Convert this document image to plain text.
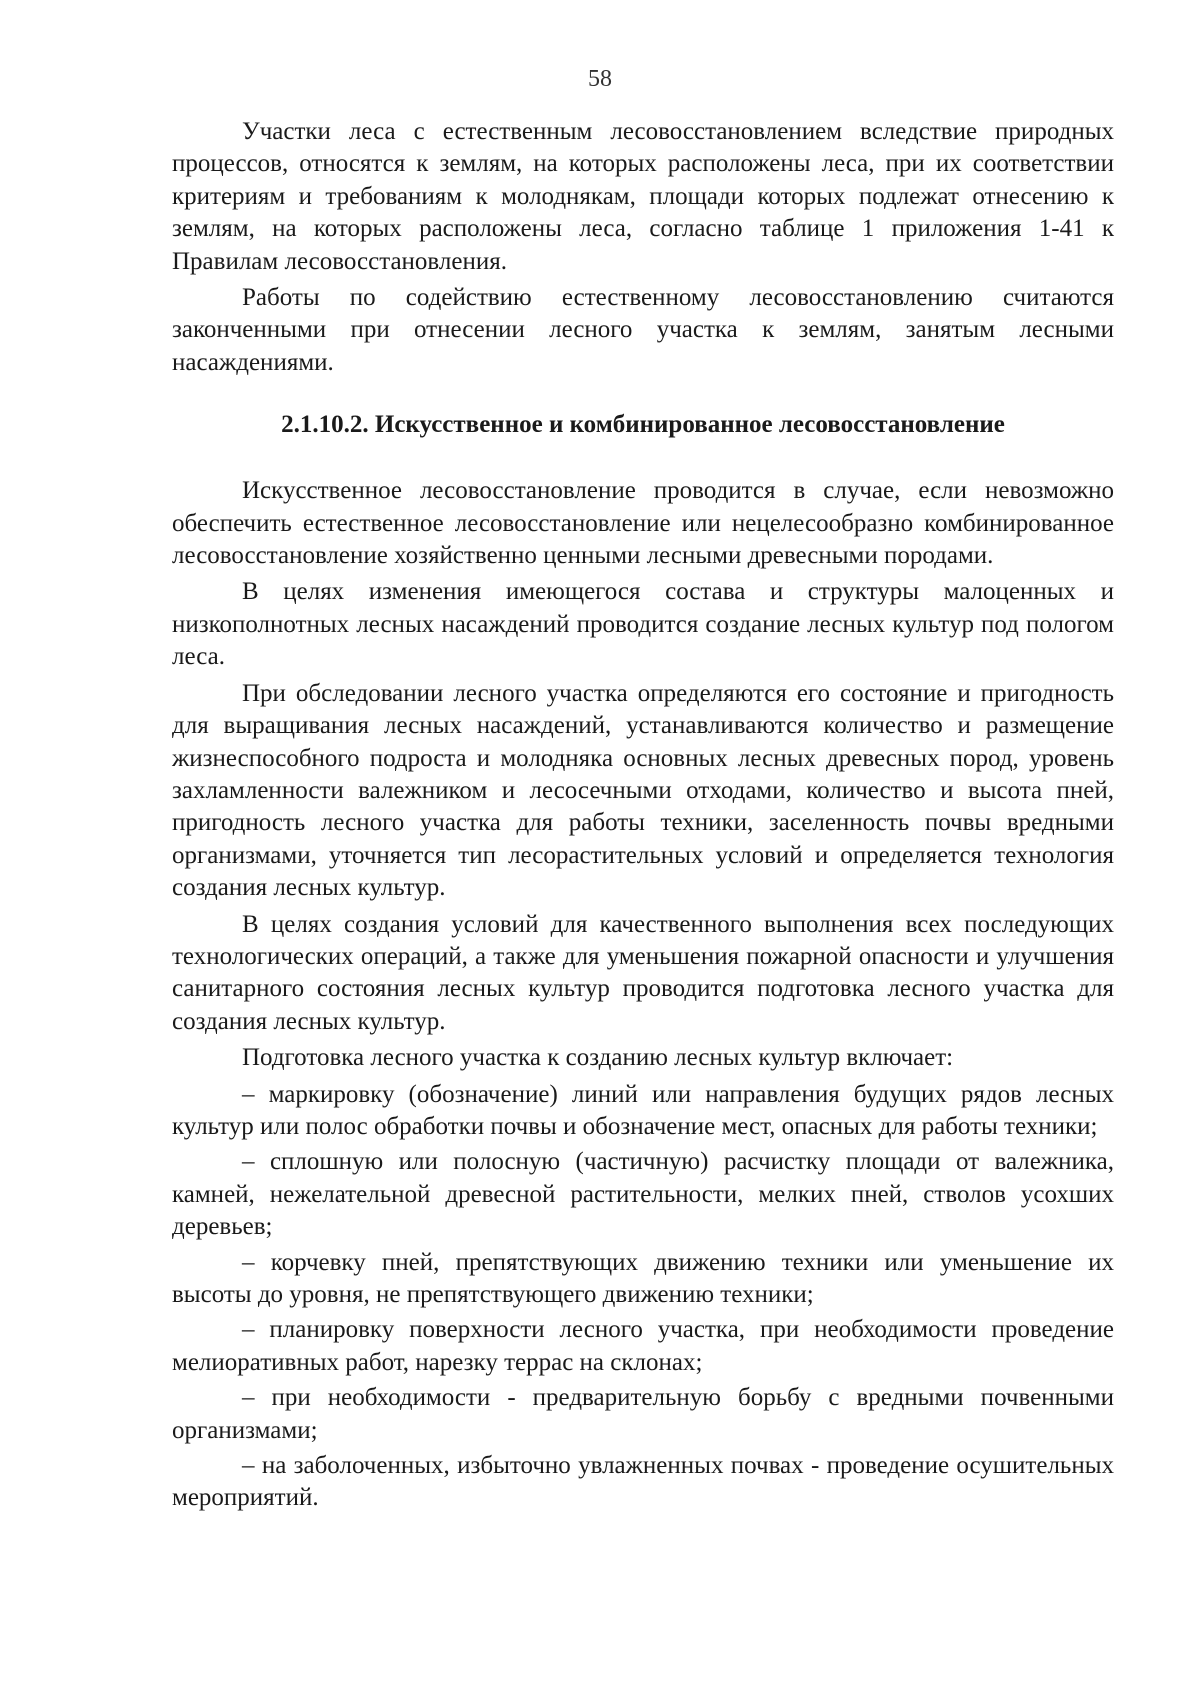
58

Участки леса с естественным лесовосстановлением вследствие природных процессов, относятся к землям, на которых расположены леса, при их соответствии критериям и требованиям к молоднякам, площади которых подлежат отнесению к землям, на которых расположены леса, согласно таблице 1 приложения 1-41 к Правилам лесовосстановления.

Работы по содействию естественному лесовосстановлению считаются законченными при отнесении лесного участка к землям, занятым лесными насаждениями.

2.1.10.2. Искусственное и комбинированное лесовосстановление

Искусственное лесовосстановление проводится в случае, если невозможно обеспечить естественное лесовосстановление или нецелесообразно комбинированное лесовосстановление хозяйственно ценными лесными древесными породами.

В целях изменения имеющегося состава и структуры малоценных и низкополнотных лесных насаждений проводится создание лесных культур под пологом леса.

При обследовании лесного участка определяются его состояние и пригодность для выращивания лесных насаждений, устанавливаются количество и размещение жизнеспособного подроста и молодняка основных лесных древесных пород, уровень захламленности валежником и лесосечными отходами, количество и высота пней, пригодность лесного участка для работы техники, заселенность почвы вредными организмами, уточняется тип лесорастительных условий и определяется технология создания лесных культур.

В целях создания условий для качественного выполнения всех последующих технологических операций, а также для уменьшения пожарной опасности и улучшения санитарного состояния лесных культур проводится подготовка лесного участка для создания лесных культур.

Подготовка лесного участка к созданию лесных культур включает:

– маркировку (обозначение) линий или направления будущих рядов лесных культур или полос обработки почвы и обозначение мест, опасных для работы техники;

– сплошную или полосную (частичную) расчистку площади от валежника, камней, нежелательной древесной растительности, мелких пней, стволов усохших деревьев;

– корчевку пней, препятствующих движению техники или уменьшение их высоты до уровня, не препятствующего движению техники;

– планировку поверхности лесного участка, при необходимости проведение мелиоративных работ, нарезку террас на склонах;

– при необходимости - предварительную борьбу с вредными почвенными организмами;

– на заболоченных, избыточно увлажненных почвах - проведение осушительных мероприятий.
